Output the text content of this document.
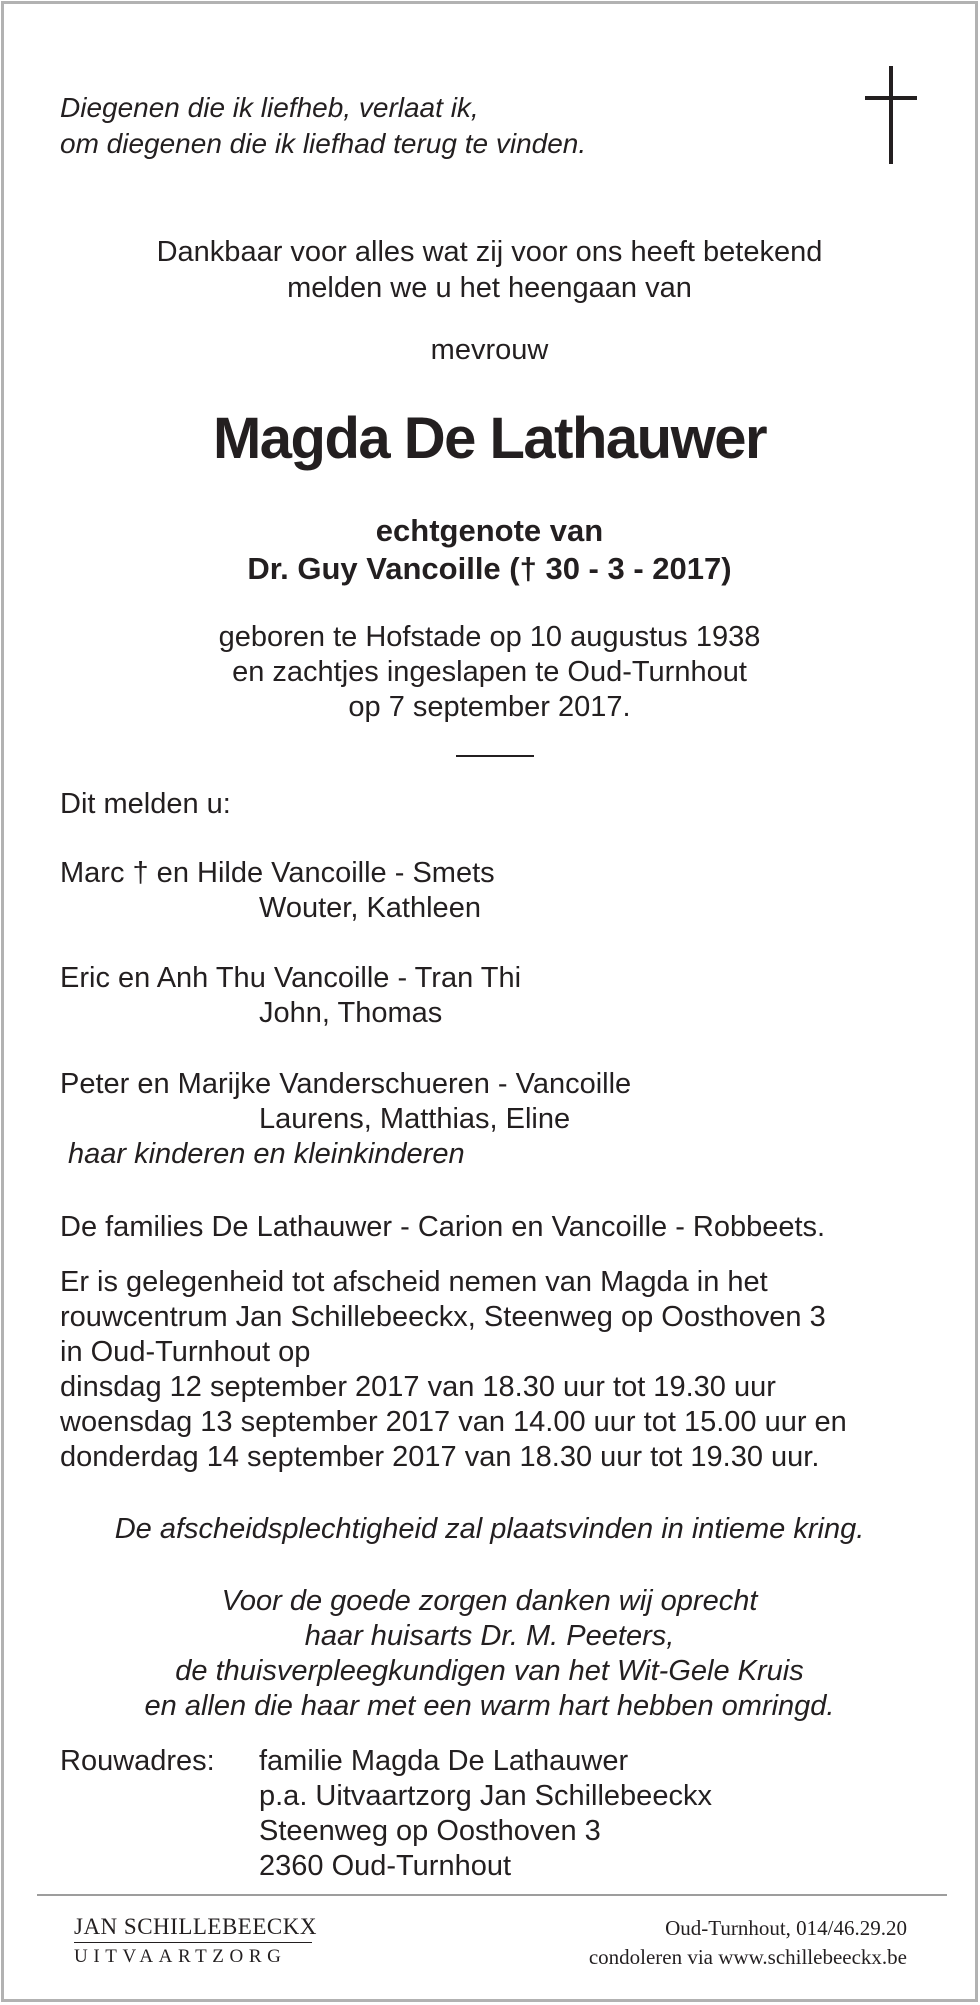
Diegenen die ik liefheb, verlaat ik,
om diegenen die ik liefhad terug te vinden.
Dankbaar voor alles wat zij voor ons heeft betekend
melden we u het heengaan van
mevrouw
Magda De Lathauwer
echtgenote van
Dr. Guy Vancoille († 30 - 3 - 2017)
geboren te Hofstade op 10 augustus 1938
en zachtjes ingeslapen te Oud-Turnhout
op 7 september 2017.
Dit melden u:
Marc † en Hilde Vancoille - Smets
Wouter, Kathleen
Eric en Anh Thu Vancoille - Tran Thi
John, Thomas
Peter en Marijke Vanderschueren - Vancoille
Laurens, Matthias, Eline
haar kinderen en kleinkinderen
De families De Lathauwer - Carion en Vancoille - Robbeets.
Er is gelegenheid tot afscheid nemen van Magda in het
rouwcentrum Jan Schillebeeckx, Steenweg op Oosthoven 3
in Oud-Turnhout op
dinsdag 12 september 2017 van 18.30 uur tot 19.30 uur
woensdag 13 september 2017 van 14.00 uur tot 15.00 uur en
donderdag 14 september 2017 van 18.30 uur tot 19.30 uur.
De afscheidsplechtigheid zal plaatsvinden in intieme kring.
Voor de goede zorgen danken wij oprecht
haar huisarts Dr. M. Peeters,
de thuisverpleegkundigen van het Wit-Gele Kruis
en allen die haar met een warm hart hebben omringd.
Rouwadres: familie Magda De Lathauwer
p.a. Uitvaartzorg Jan Schillebeeckx
Steenweg op Oosthoven 3
2360 Oud-Turnhout
JAN SCHILLEBEECKX
UITVAARTZORG
Oud-Turnhout, 014/46.29.20
condoleren via www.schillebeeckx.be
